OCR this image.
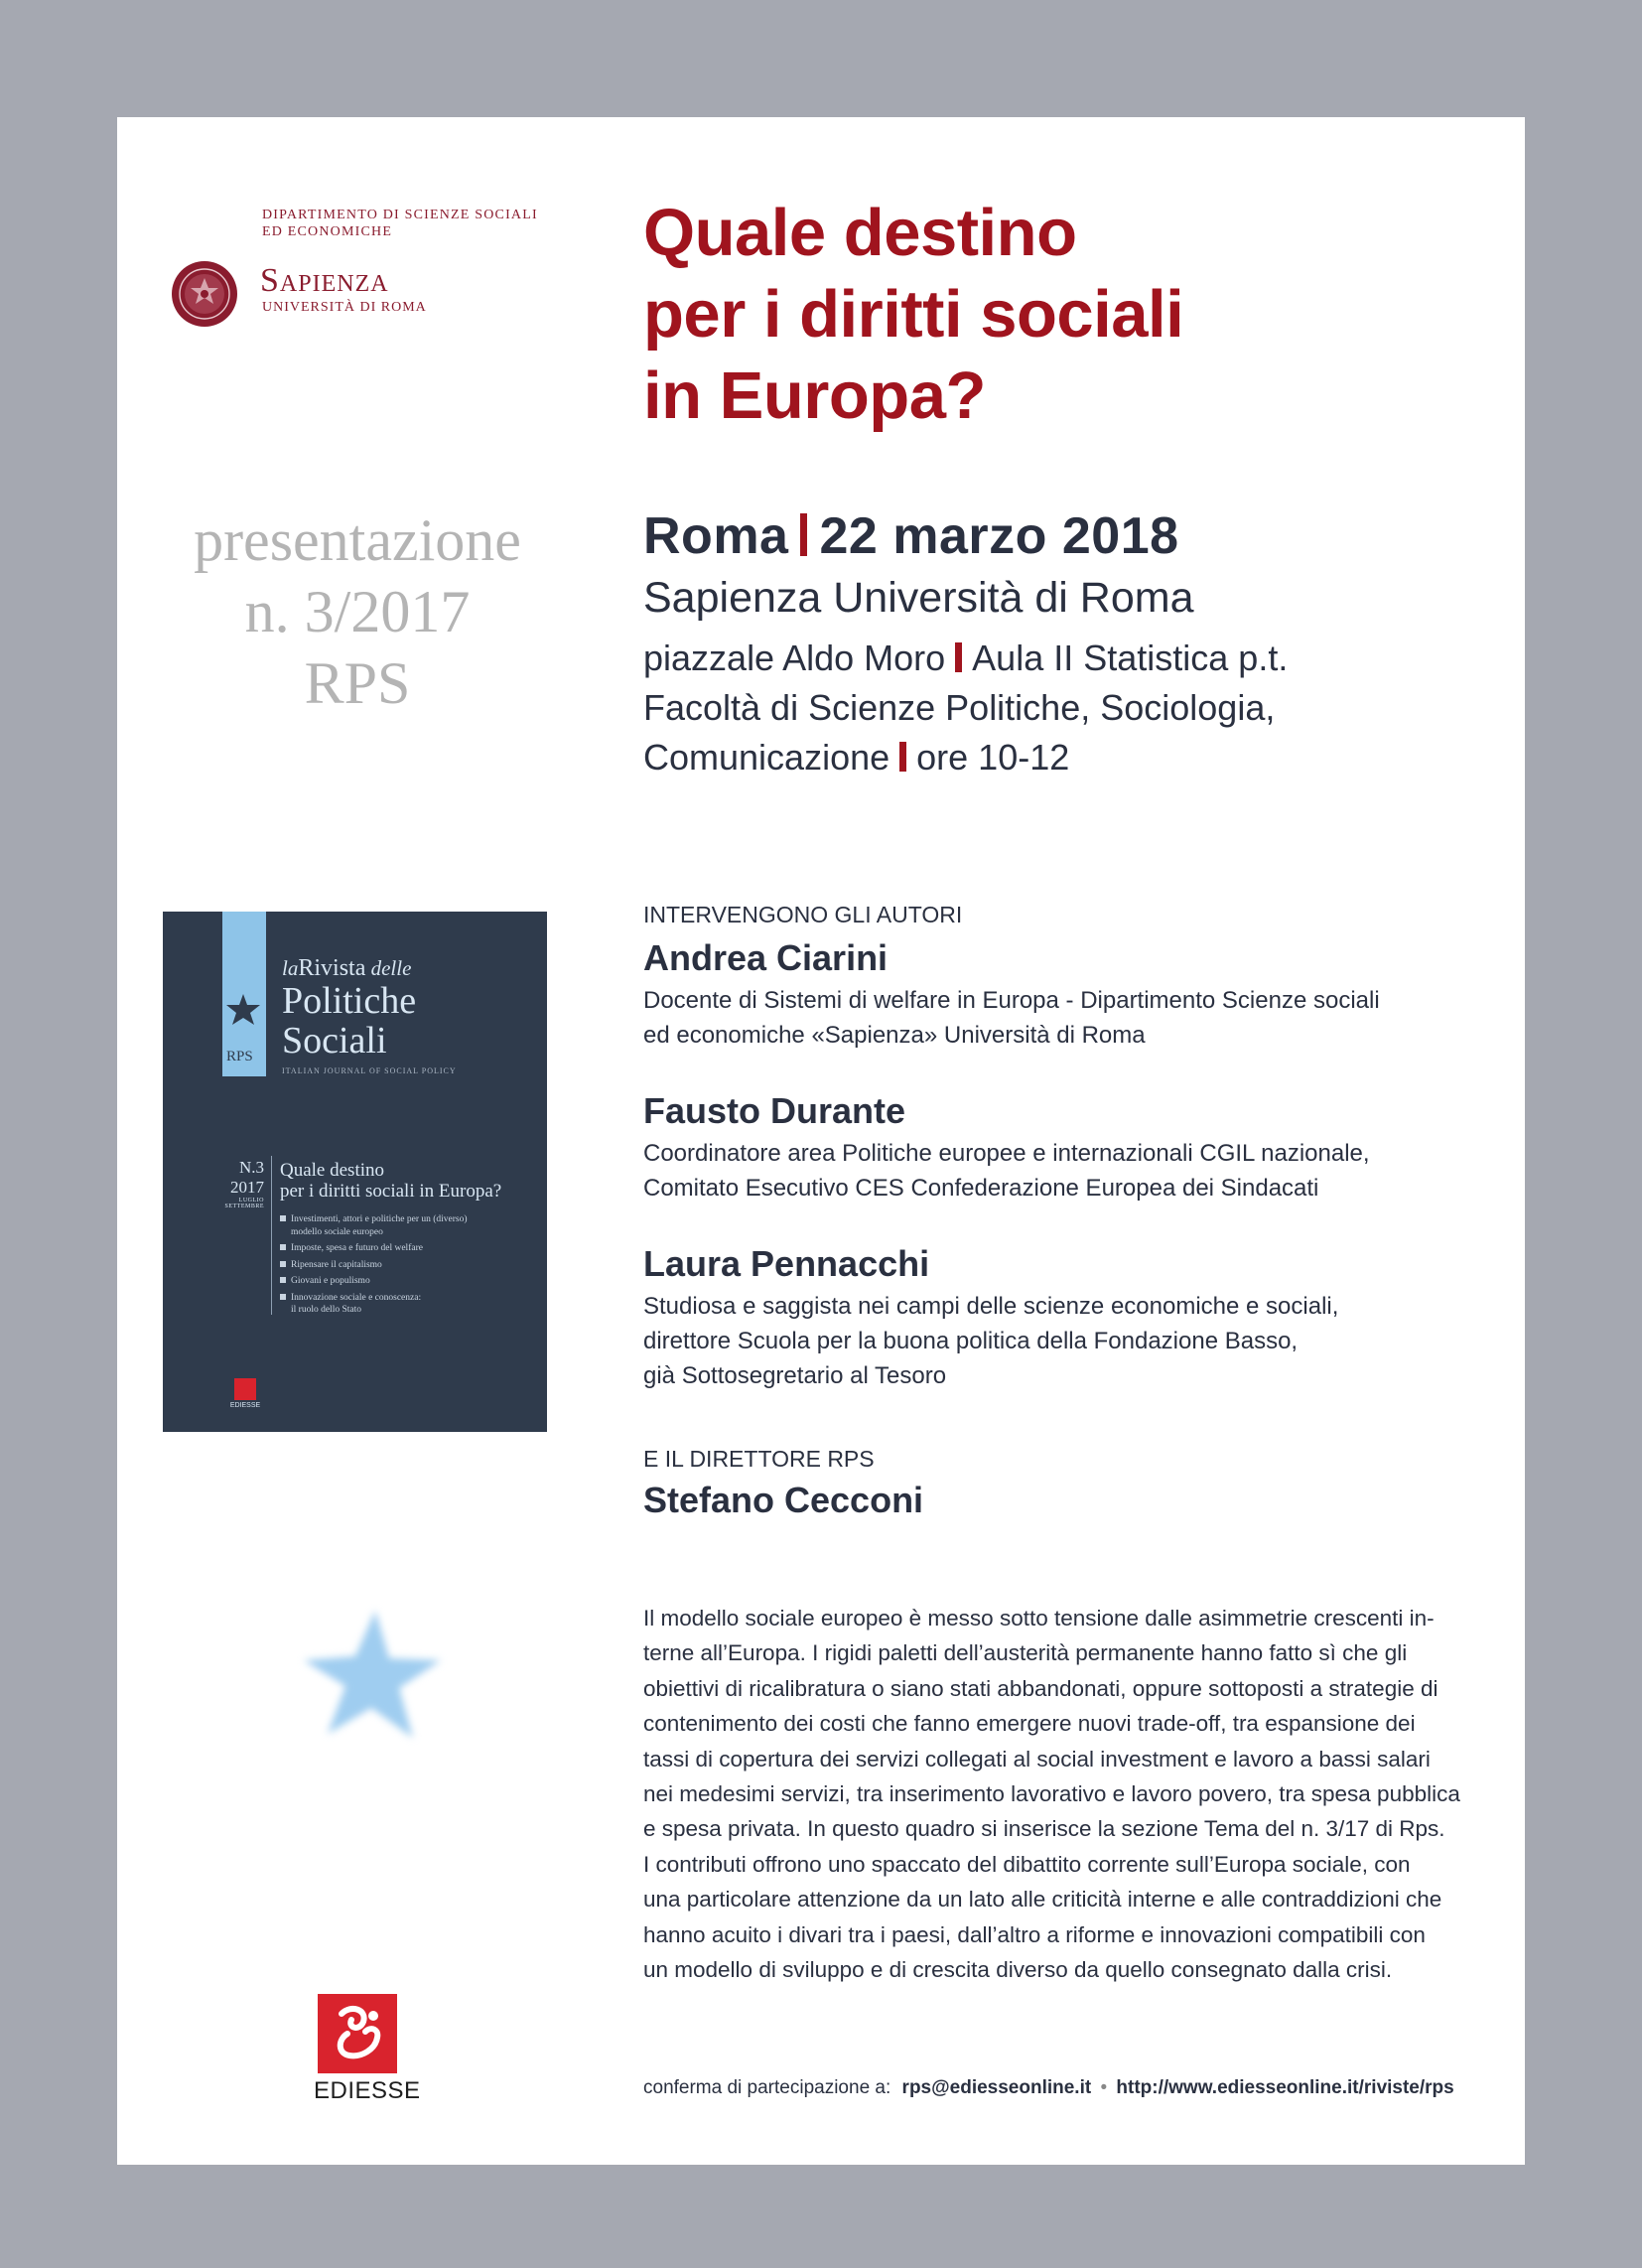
DIPARTIMENTO DI SCIENZE SOCIALI
ED ECONOMICHE
Sapienza
UNIVERSITÀ DI ROMA
Quale destino
per i diritti sociali
in Europa?
presentazione
n. 3/2017
RPS
Roma 22 marzo 2018
Sapienza Università di Roma
piazzale Aldo Moro Aula II Statistica p.t.
Facoltà di Scienze Politiche, Sociologia,
Comunicazione ore 10-12
RPS
laRivista delle
Politiche
Sociali
ITALIAN JOURNAL OF SOCIAL POLICY
N.3
2017
LUGLIO
SETTEMBRE
Quale destino
per i diritti sociali in Europa?
Investimenti, attori e politiche per un (diverso)
modello sociale europeo
Imposte, spesa e futuro del welfare
Ripensare il capitalismo
Giovani e populismo
Innovazione sociale e conoscenza:
il ruolo dello Stato
EDIESSE
INTERVENGONO GLI AUTORI
Andrea Ciarini
Docente di Sistemi di welfare in Europa - Dipartimento Scienze sociali
ed economiche «Sapienza» Università di Roma
Fausto Durante
Coordinatore area Politiche europee e internazionali CGIL nazionale,
Comitato Esecutivo CES Confederazione Europea dei Sindacati
Laura Pennacchi
Studiosa e saggista nei campi delle scienze economiche e sociali,
direttore Scuola per la buona politica della Fondazione Basso,
già Sottosegretario al Tesoro
E IL DIRETTORE RPS
Stefano Cecconi
Il modello sociale europeo è messo sotto tensione dalle asimmetrie crescenti in-
terne all’Europa. I rigidi paletti dell’austerità permanente hanno fatto sì che gli
obiettivi di ricalibratura o siano stati abbandonati, oppure sottoposti a strategie di
contenimento dei costi che fanno emergere nuovi trade-off, tra espansione dei
tassi di copertura dei servizi collegati al social investment e lavoro a bassi salari
nei medesimi servizi, tra inserimento lavorativo e lavoro povero, tra spesa pubblica
e spesa privata. In questo quadro si inserisce la sezione Tema del n. 3/17 di Rps.
I contributi offrono uno spaccato del dibattito corrente sull’Europa sociale, con
una particolare attenzione da un lato alle criticità interne e alle contraddizioni che
hanno acuito i divari tra i paesi, dall’altro a riforme e innovazioni compatibili con
un modello di sviluppo e di crescita diverso da quello consegnato dalla crisi.
EDIESSE	conferma di partecipazione a: rps@ediesseonline.it • http://www.ediesseonline.it/riviste/rps
